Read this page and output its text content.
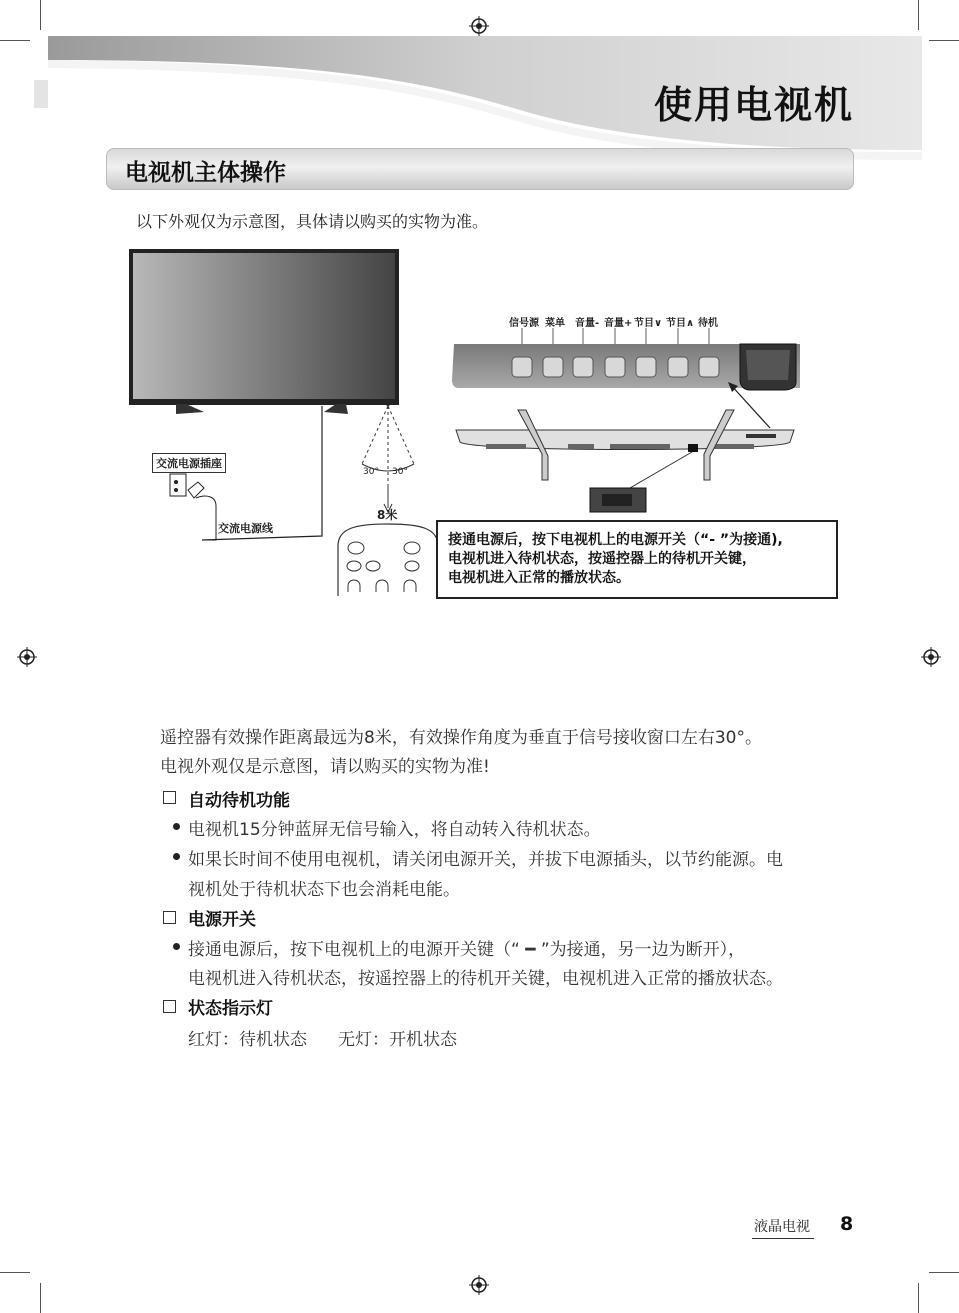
使用电视机
电视机主体操作
以下外观仅为示意图，具体请以购买的实物为准。
交流电源插座
交流电源线
30° 30°
8米
信号源 菜单 音量- 音量+ 节目∨ 节目∧ 待机
接通电源后，按下电视机上的电源开关（“- ”为接通),
电视机进入待机状态，按遥控器上的待机开关键，
电视机进入正常的播放状态。
遥控器有效操作距离最远为8米，有效操作角度为垂直于信号接收窗口左右30°。
电视外观仅是示意图，请以购买的实物为准!
自动待机功能
电视机15分钟蓝屏无信号输入，将自动转入待机状态。
如果长时间不使用电视机，请关闭电源开关，并拔下电源插头，以节约能源。电
视机处于待机状态下也会消耗电能。
电源开关
接通电源后，按下电视机上的电源开关键（“ ━ ”为接通，另一边为断开），
电视机进入待机状态，按遥控器上的待机开关键，电视机进入正常的播放状态。
状态指示灯
红灯：待机状态 无灯：开机状态
液晶电视 8
